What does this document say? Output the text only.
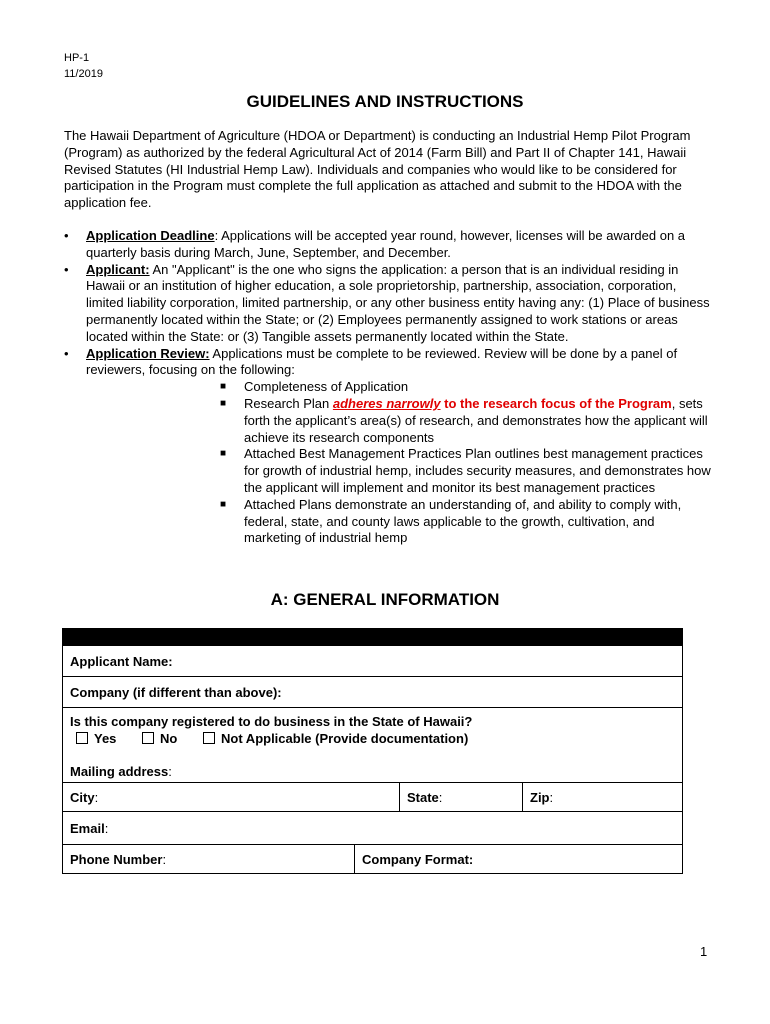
HP-1
11/2019
GUIDELINES AND INSTRUCTIONS
The Hawaii Department of Agriculture (HDOA or Department) is conducting an Industrial Hemp Pilot Program (Program) as authorized by the federal Agricultural Act of 2014 (Farm Bill) and Part II of Chapter 141, Hawaii Revised Statutes (HI Industrial Hemp Law). Individuals and companies who would like to be considered for participation in the Program must complete the full application as attached and submit to the HDOA with the application fee.
• Application Deadline: Applications will be accepted year round, however, licenses will be awarded on a quarterly basis during March, June, September, and December.
• Applicant: An "Applicant" is the one who signs the application: a person that is an individual residing in Hawaii or an institution of higher education, a sole proprietorship, partnership, association, corporation, limited liability corporation, limited partnership, or any other business entity having any: (1) Place of business permanently located within the State; or (2) Employees permanently assigned to work stations or areas located within the State: or (3) Tangible assets permanently located within the State.
• Application Review: Applications must be complete to be reviewed. Review will be done by a panel of reviewers, focusing on the following:
■ Completeness of Application
■ Research Plan adheres narrowly to the research focus of the Program, sets forth the applicant’s area(s) of research, and demonstrates how the applicant will achieve its research components
■ Attached Best Management Practices Plan outlines best management practices for growth of industrial hemp, includes security measures, and demonstrates how the applicant will implement and monitor its best management practices
■ Attached Plans demonstrate an understanding of, and ability to comply with, federal, state, and county laws applicable to the growth, cultivation, and marketing of industrial hemp
A: GENERAL INFORMATION
Applicant Name:
Company (if different than above):
Is this company registered to do business in the State of Hawaii?
Yes	No	Not Applicable (Provide documentation)
Mailing address :
City :	State :	Zip :
Email :
Phone Number :	Company Format:
1
